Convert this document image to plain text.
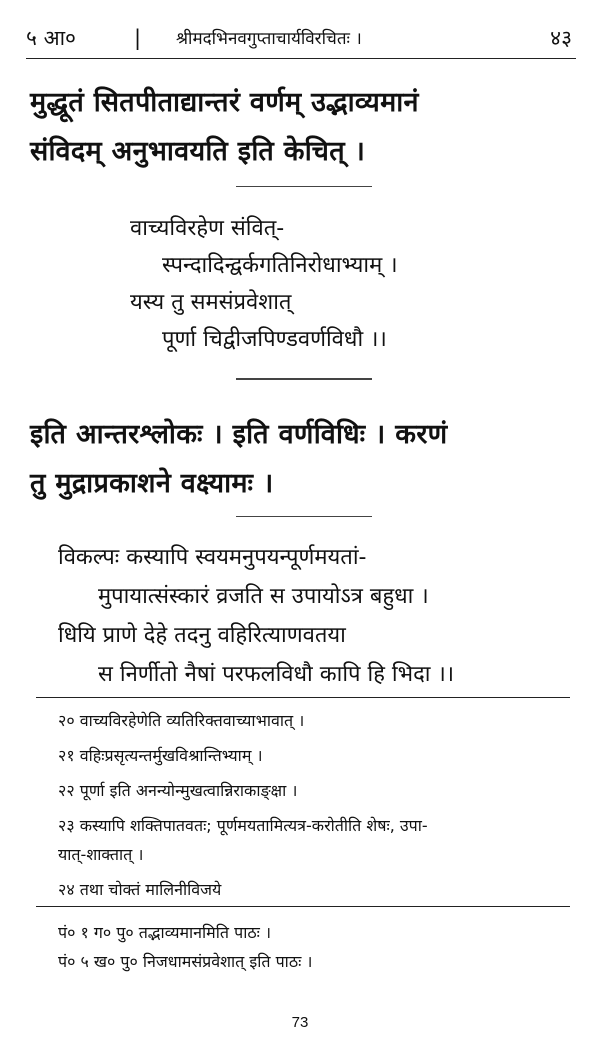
५ आ०	| श्रीमदभिनवगुप्ताचार्यविरचितः ।	४३
मुद्धूतं सितपीताद्यान्तरं वर्णम् उद्भाव्यमानं
संविदम् अनुभावयति इति केचित् ।
वाच्यविरहेण संवित्-
स्पन्दादिन्द्वर्कगतिनिरोधाभ्याम् ।
यस्य तु समसंप्रवेशात्
पूर्णा चिद्वीजपिण्डवर्णविधौ ।।
इति आन्तरश्लोकः । इति वर्णविधिः । करणं
तु मुद्राप्रकाशने वक्ष्यामः ।
विकल्पः कस्यापि स्वयमनुपयन्पूर्णमयतां-
मुपायात्संस्कारं व्रजति स उपायोऽत्र बहुधा ।
धियि प्राणे देहे तदनु वहिरित्याणवतया
स निर्णीतो नैषां परफलविधौ कापि हि भिदा ।।
२० वाच्यविरहेणेति व्यतिरिक्तवाच्याभावात् ।
२१ वहिःप्रसृत्यन्तर्मुखविश्रान्तिभ्याम् ।
२२ पूर्णा इति अनन्योन्मुखत्वान्निराकाङ्क्षा ।
२३ कस्यापि शक्तिपातवतः; पूर्णमयतामित्यत्र-करोतीति शेषः, उपा-
यात्-शाक्तात् ।
२४ तथा चोक्तं मालिनीविजये
पं० १ ग० पु० तद्भाव्यमानमिति पाठः ।
पं० ५ ख० पु० निजधामसंप्रवेशात् इति पाठः ।
73
